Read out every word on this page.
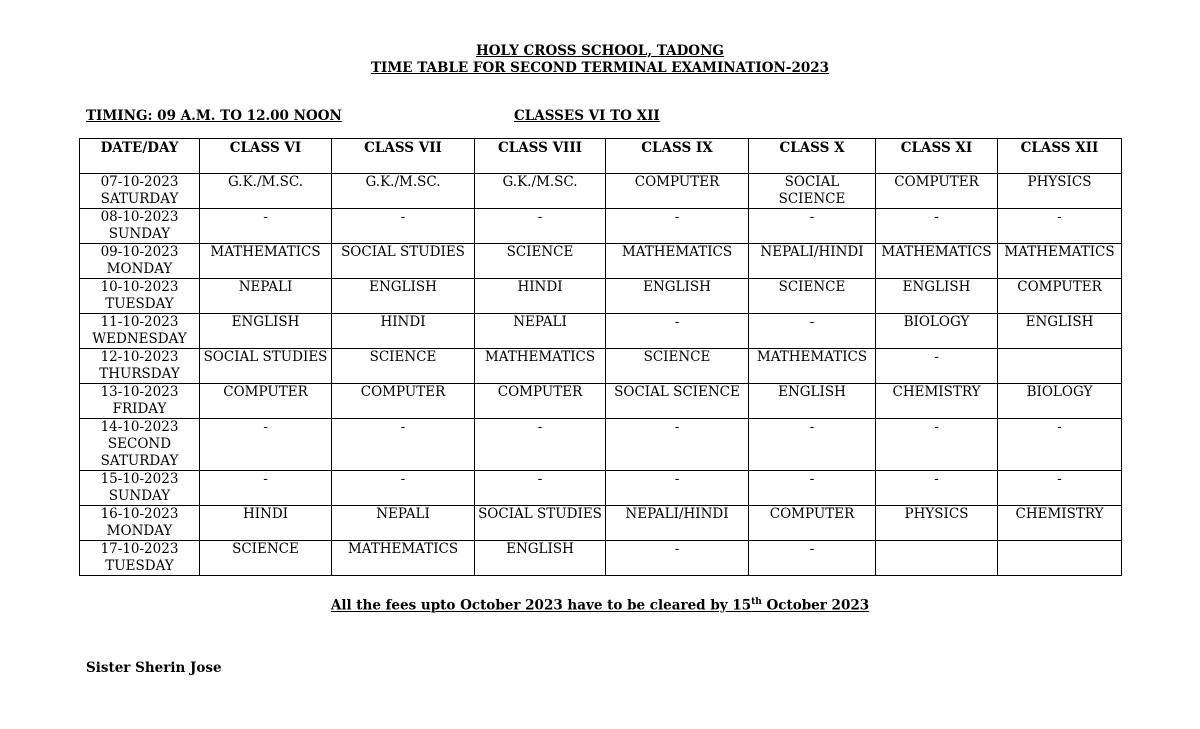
HOLY CROSS SCHOOL, TADONG
TIME TABLE FOR SECOND TERMINAL EXAMINATION-2023
TIMING: 09 A.M. TO 12.00 NOON	CLASSES VI TO XII
DATE/DAY	CLASS VI	CLASS VII	CLASS VIII	CLASS IX	CLASS X	CLASS XI	CLASS XII

07-10-2023
SATURDAY	G.K./M.SC.	G.K./M.SC.	G.K./M.SC.	COMPUTER	SOCIAL SCIENCE	COMPUTER	PHYSICS

08-10-2023
SUNDAY	-	-	-	-	-	-	-

09-10-2023
MONDAY	MATHEMATICS	SOCIAL STUDIES	SCIENCE	MATHEMATICS	NEPALI/HINDI	MATHEMATICS	MATHEMATICS

10-10-2023
TUESDAY	NEPALI	ENGLISH	HINDI	ENGLISH	SCIENCE	ENGLISH	COMPUTER

11-10-2023
WEDNESDAY	ENGLISH	HINDI	NEPALI	-	-	BIOLOGY	ENGLISH

12-10-2023
THURSDAY	SOCIAL STUDIES	SCIENCE	MATHEMATICS	SCIENCE	MATHEMATICS	-	

13-10-2023
FRIDAY	COMPUTER	COMPUTER	COMPUTER	SOCIAL SCIENCE	ENGLISH	CHEMISTRY	BIOLOGY

14-10-2023
SECOND SATURDAY	-	-	-	-	-	-	-

15-10-2023
SUNDAY	-	-	-	-	-	-	-

16-10-2023
MONDAY	HINDI	NEPALI	SOCIAL STUDIES	NEPALI/HINDI	COMPUTER	PHYSICS	CHEMISTRY

17-10-2023
TUESDAY	SCIENCE	MATHEMATICS	ENGLISH	-	-		
All the fees upto October 2023 have to be cleared by 15th October 2023
Sister Sherin Jose
